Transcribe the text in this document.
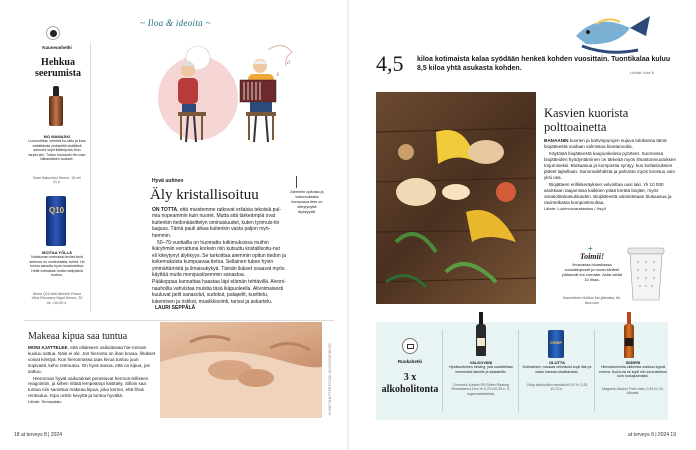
~ Iloa & ideoita ~
Kauneushetki
Hehkua seerumista
MO MAMASKI
Luonnollisia, vetreitä ku-latto ja ihoa vedättäväa yhdistettä sisältävä seerumi sopii ikääntyvän ihon tarpei-siin. Tuttuu tuhoavia! He-man itäkamäinen tuokset.
Sase Bakuchiol Serum, 15 ml/ 41 e.
Q10
MOITAA YÖLLÄ
Nukkuman meinaissi levitet-tävä seerumi on voidemaista, tuhtia. Ho tunluu asmulla hyvin kosteutettua. Hellä voimakas mutta mellyttävä tuoksu.
Nivea Q10 Anti-Wrinkle Power Ultra Recovery Night Serum, 30 ml, ≈16,50 e.
♪
♫
Hyvä uutinen
Äly kristallisoituu

ON TOTTA, että muistemme ratkovat erilaisia tekoisiä pul-mia nopeammin kuin nuoret. Mutta sitä tärkeämpiä ovat kuitenkin tiedonkäsittelyn ominaisuudet, kuten työmuis-tin laajuus. Tämä pauli alkaa kuitenkin vasta paljon myö-hemmin.

50–70-vuotiailla on huomattu tutkimuksissa muihin ikäryhmiin verrattuna korkein niin kutsuttu kristallisoitu-nut eli kiteytynyt älykkyys. Se tarkoittaa aiemmin opitun tiedon ja kokemuksista kumpuavaa tietoa. Sellainen tukee hyvin ymmärtämistä ja ilmaisukykyä. Tämän ikäiset osaavat myös käyttää muita monipuolisemmin sanastoa.

Pääkoppaa kannattaa haastaa läpi elämän tehtävillä. Aivoni-nauhoilla vahvistaa muistia täsä ikäpuoleella. Alivoimaisesti kuuluvat pelit sanasolut, sudokut, palapelit, kuvittelu, lukeminen ja ristikot, musiikkisointi, tanssi ja askartelu.

LAURI SEPPÄLÄ
Aiemmin opitusta ja kokemuksista kumpuava tieto on kiteytynyttä älykkyyttä.
Makeaa kipua saa tuntua

MONI AJATTELEE, että ollakseen vaikuttavaa hie-ronnan kuuluu sattua. Näin ei ole. Jos hieronta on ihan kovaa, lihakset voivat kiristyä. Kun hieronnassa taas kivua tuntuu juuri sopivasti, keho rentoutuu. On hyvä sanoa, että on kipua, jos sattuu.

Hieronnan hyvät vaikutukset perustuvat hermos-tolliseen reagointiin, ja siihen riittää lempeämpi käsittely. Silloin saa tuntua niin sanottua makeaa kipua, joka kertoo, että lihas rentoutuu. Kipu onkin kevyttä ja tuntuu hyvältä.

Lähde: Terveystalo	KUVAT SHUTTERSTOCK JA ISTOCKPHOTO
18 at terveys 8 | 2024
4,5 kiloa kotimaista kalaa syödään henkeä kohden vuosittain. Tuontikalaa kuluu 8,5 kiloa yhtä asukasta kohden.
Lähde: luke.fi
Kasvien kuorista polttoainetta

BANAANIN kuorien ja kahvinpurujen sujuva tuloksena tämä biojätteestä voidaan valmistaa bioetanoolia.

Käytöstä biojätteestä kaupunkeissa pyörteet. Suomessa biojätteiden hyödyntäminen on tärkeää myös ilmastonmuutoksen torjumiseksi. Biokaasua ja kompostia syntyy, kun kotitalouksien jätteet lajitellaan. Sanomalehdistä ja pahvista myös koostuu vain yksi osa.

Biojätteen erilliskeräyksen velvoittaa uusi laki. Yli 10 000 asukkaan taajamissa kaikkien pitää kerätä biojäte, myös omakotitaloasukkaiden. Biojätteestä valmistetaan biokaasua ja ravinteikasta kompostimultaa.

Lähde: Luonnonvarakeskus / Hsy.fi

+
Toimii!
Ilmavassa bioastiassa suodatinpussit ja ruoan-tähteet pääsevät kui-vumaan. Astia vetää 10 litraa.
Kannellinen Hölikar bio-jäteastia, 8e, ikea.com
Ruokahetki
3 x
alkoholitonta
VALKOVIINI
Hyväkuntoinen riesling, jota suositellaan kevenniksi taboille ja salaateille.
Convenio Kaubel RS Rhein Riesling Remastered Zero % 0,75 l/10,25 e, K-supermarketeista.
CRISP
OLUTTA
Kotimainen, maukas vehnäolut sopii illan ja kalan kanssa nautittavaksi.
Crisp alkoholiton vehnäolut 0,5 %, 0,33 l/1,70 e.
SIIDERI
Hienostuneesta siiderista maistuu kypsä omena. Kuiva-na se sopii niin seurusteluun kuin ruokajuomaksi.
Magners Alcohol Free cider, 0,33 l/1,10, Alkosta.
at terveys 8 | 2024 19
